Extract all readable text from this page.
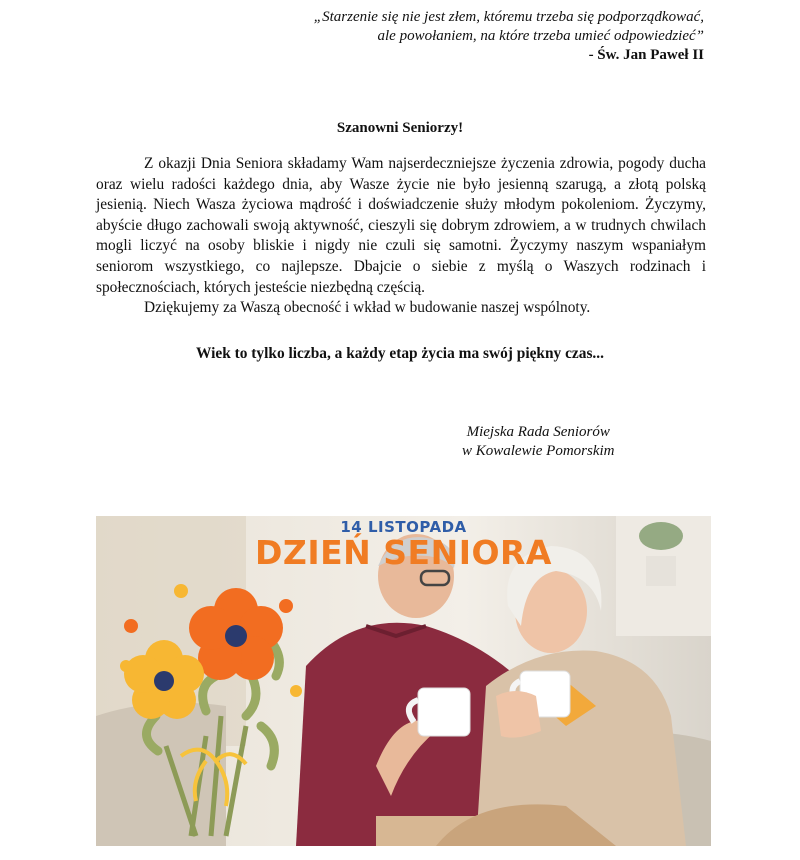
„Starzenie się nie jest złem, któremu trzeba się podporządkować,
ale powołaniem, na które trzeba umieć odpowiedzieć”
- Św. Jan Paweł II
Szanowni Seniorzy!

Z okazji Dnia Seniora składamy Wam najserdeczniejsze życzenia zdrowia, pogody ducha oraz wielu radości każdego dnia, aby Wasze życie nie było jesienną szarugą, a złotą polską jesienią. Niech Wasza życiowa mądrość i doświadczenie służy młodym pokoleniom. Życzymy, abyście długo zachowali swoją aktywność, cieszyli się dobrym zdrowiem, a w trudnych chwilach mogli liczyć na osoby bliskie i nigdy nie czuli się samotni. Życzymy naszym wspaniałym seniorom wszystkiego, co najlepsze. Dbajcie o siebie z myślą o Waszych rodzinach i społecznościach, których jesteście niezbędną częścią.

Dziękujemy za Waszą obecność i wkład w budowanie naszej wspólnoty.

Wiek to tylko liczba, a każdy etap życia ma swój piękny czas...
Miejska Rada Seniorów
w Kowalewie Pomorskim
14 LISTOPADA
DZIEŃ SENIORA
